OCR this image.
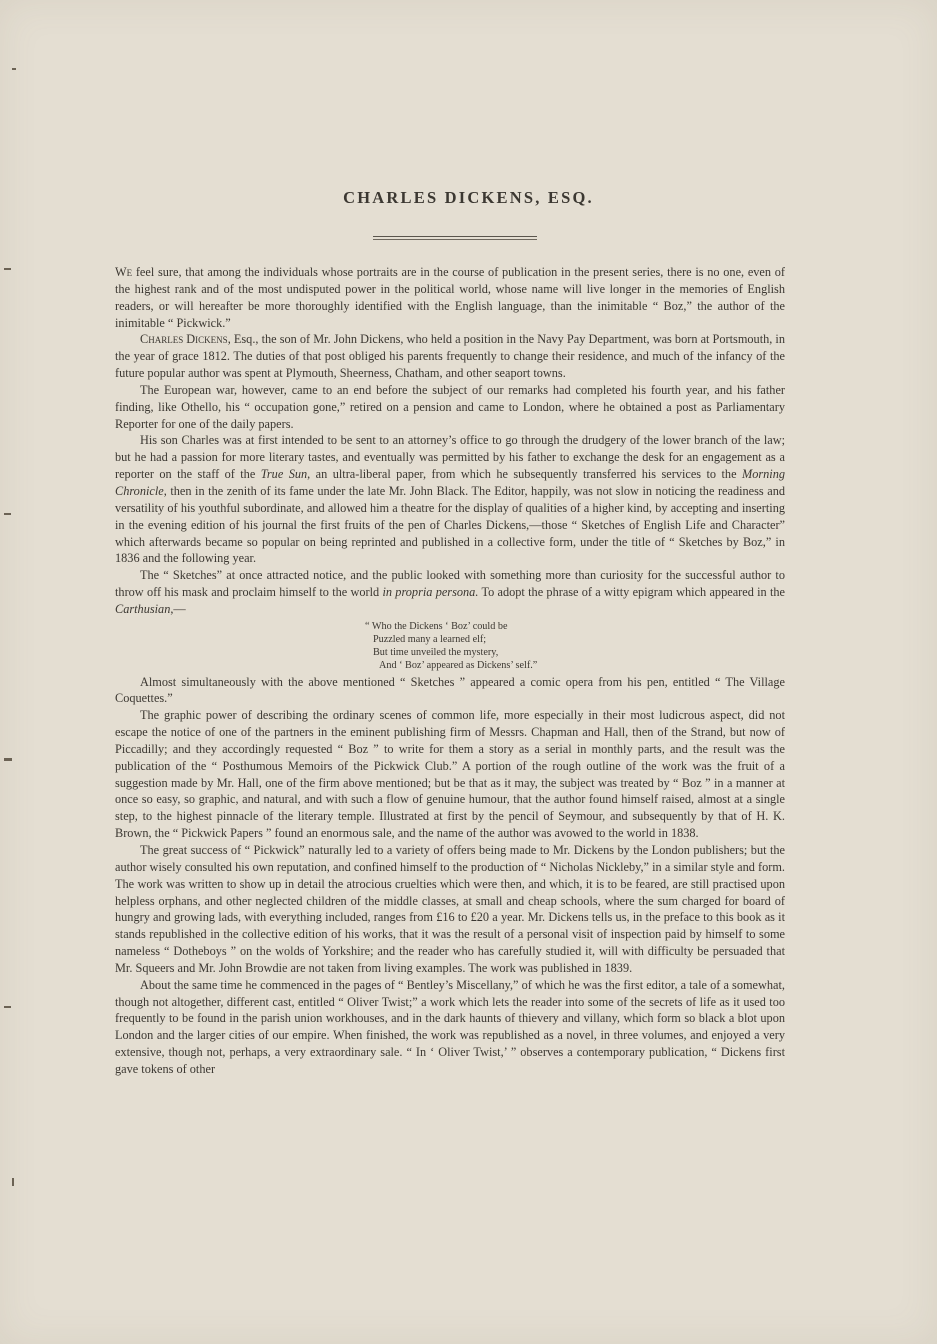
CHARLES DICKENS, ESQ.

We feel sure, that among the individuals whose portraits are in the course of publication in the present series, there is no one, even of the highest rank and of the most undisputed power in the political world, whose name will live longer in the memories of English readers, or will hereafter be more thoroughly identified with the English language, than the inimitable “ Boz,” the author of the inimitable “ Pickwick.”

Charles Dickens, Esq., the son of Mr. John Dickens, who held a position in the Navy Pay Department, was born at Portsmouth, in the year of grace 1812. The duties of that post obliged his parents frequently to change their residence, and much of the infancy of the future popular author was spent at Plymouth, Sheerness, Chatham, and other seaport towns.

The European war, however, came to an end before the subject of our remarks had completed his fourth year, and his father finding, like Othello, his “ occupation gone,” retired on a pension and came to London, where he obtained a post as Parliamentary Reporter for one of the daily papers.

His son Charles was at first intended to be sent to an attorney’s office to go through the drudgery of the lower branch of the law; but he had a passion for more literary tastes, and eventually was permitted by his father to exchange the desk for an engagement as a reporter on the staff of the True Sun, an ultra-liberal paper, from which he subsequently transferred his services to the Morning Chronicle, then in the zenith of its fame under the late Mr. John Black. The Editor, happily, was not slow in noticing the readiness and versatility of his youthful subordinate, and allowed him a theatre for the display of qualities of a higher kind, by accepting and inserting in the evening edition of his journal the first fruits of the pen of Charles Dickens,—those “ Sketches of English Life and Character” which afterwards became so popular on being reprinted and published in a collective form, under the title of “ Sketches by Boz,” in 1836 and the following year.

The “ Sketches” at once attracted notice, and the public looked with something more than curiosity for the successful author to throw off his mask and proclaim himself to the world in propria persona. To adopt the phrase of a witty epigram which appeared in the Carthusian,—

“ Who the Dickens ‘ Boz’ could be
Puzzled many a learned elf;
But time unveiled the mystery,
And ‘ Boz’ appeared as Dickens’ self.”

Almost simultaneously with the above mentioned “ Sketches ” appeared a comic opera from his pen, entitled “ The Village Coquettes.”

The graphic power of describing the ordinary scenes of common life, more especially in their most ludicrous aspect, did not escape the notice of one of the partners in the eminent publishing firm of Messrs. Chapman and Hall, then of the Strand, but now of Piccadilly; and they accordingly requested “ Boz ” to write for them a story as a serial in monthly parts, and the result was the publication of the “ Posthumous Memoirs of the Pickwick Club.” A portion of the rough outline of the work was the fruit of a suggestion made by Mr. Hall, one of the firm above mentioned; but be that as it may, the subject was treated by “ Boz ” in a manner at once so easy, so graphic, and natural, and with such a flow of genuine humour, that the author found himself raised, almost at a single step, to the highest pinnacle of the literary temple. Illustrated at first by the pencil of Seymour, and subsequently by that of H. K. Brown, the “ Pickwick Papers ” found an enormous sale, and the name of the author was avowed to the world in 1838.

The great success of “ Pickwick” naturally led to a variety of offers being made to Mr. Dickens by the London publishers; but the author wisely consulted his own reputation, and confined himself to the production of “ Nicholas Nickleby,” in a similar style and form. The work was written to show up in detail the atrocious cruelties which were then, and which, it is to be feared, are still practised upon helpless orphans, and other neglected children of the middle classes, at small and cheap schools, where the sum charged for board of hungry and growing lads, with everything included, ranges from £16 to £20 a year. Mr. Dickens tells us, in the preface to this book as it stands republished in the collective edition of his works, that it was the result of a personal visit of inspection paid by himself to some nameless “ Dotheboys ” on the wolds of Yorkshire; and the reader who has carefully studied it, will with difficulty be persuaded that Mr. Squeers and Mr. John Browdie are not taken from living examples. The work was published in 1839.

About the same time he commenced in the pages of “ Bentley’s Miscellany,” of which he was the first editor, a tale of a somewhat, though not altogether, different cast, entitled “ Oliver Twist;” a work which lets the reader into some of the secrets of life as it used too frequently to be found in the parish union workhouses, and in the dark haunts of thievery and villany, which form so black a blot upon London and the larger cities of our empire. When finished, the work was republished as a novel, in three volumes, and enjoyed a very extensive, though not, perhaps, a very extraordinary sale. “ In ‘ Oliver Twist,’ ” observes a contemporary publication, “ Dickens first gave tokens of other
